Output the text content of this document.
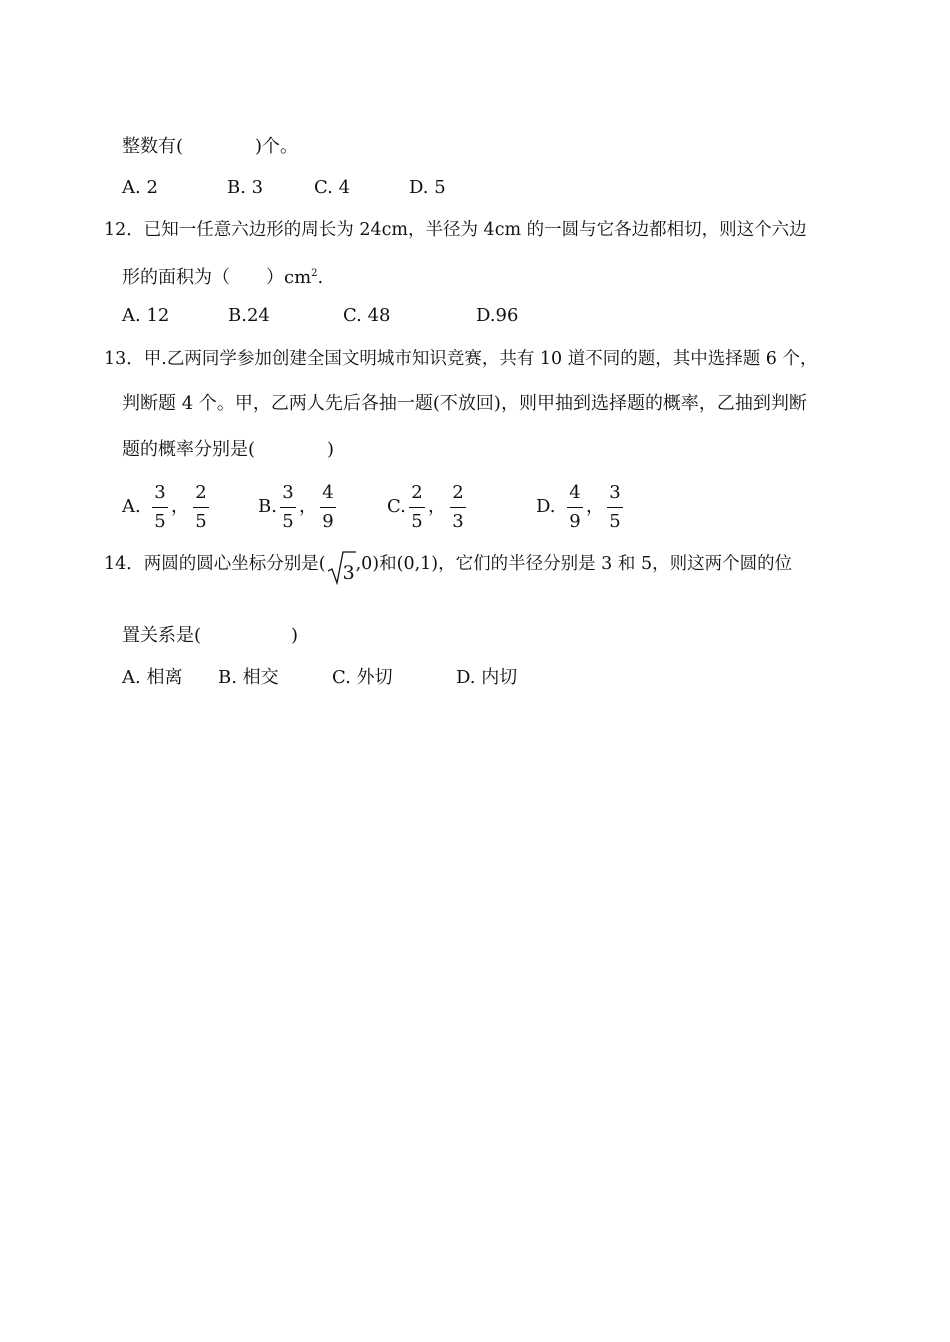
整数有(　　　　)个。
A. 2	B. 3	C. 4	D. 5
12．已知一任意六边形的周长为 24cm，半径为 4cm 的一圆与它各边都相切，则这个六边
形的面积为（　　）$cm^2$.
A. 12	B.24	C. 48	D.96
13．甲.乙两同学参加创建全国文明城市知识竞赛，共有 10 道不同的题，其中选择题 6 个，
判断题 4 个。甲，乙两人先后各抽一题(不放回)，则甲抽到选择题的概率，乙抽到判断
题的概率分别是(　　　　)
A.
3
5
，
2
5
B.
3
5
，
4
9
C.
2
5
，
2
3
D.
4
9
，
3
5
14．两圆的圆心坐标分别是( 3 ,0)和(0,1)，它们的半径分别是 3 和 5，则这两个圆的位
置关系是(　　　　　)
A. 相离 B. 相交	C. 外切	D. 内切
